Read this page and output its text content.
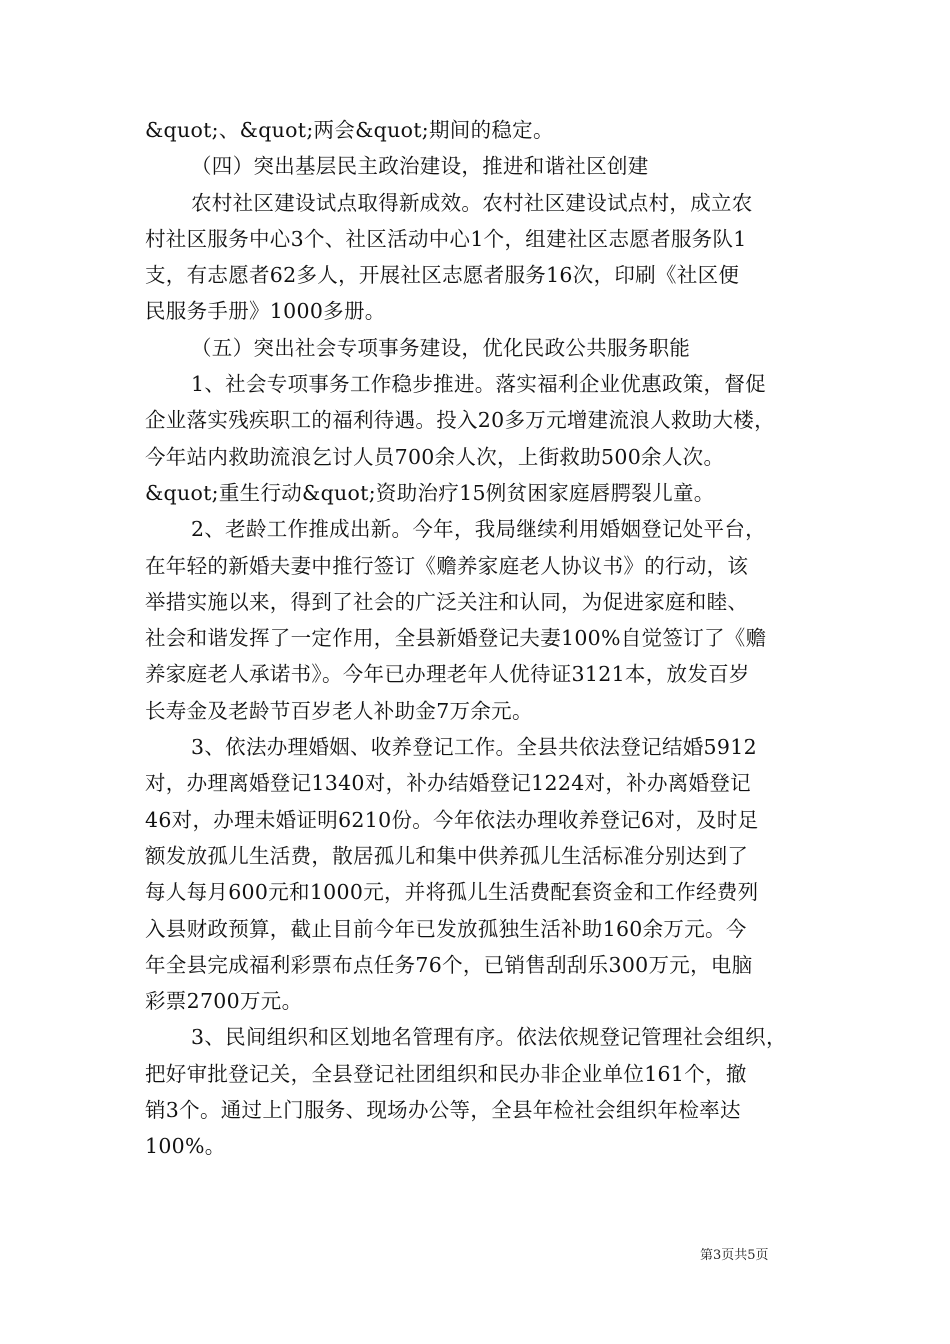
&quot;、&quot;两会&quot;期间的稳定。
（四）突出基层民主政治建设，推进和谐社区创建
农村社区建设试点取得新成效。农村社区建设试点村，成立农
村社区服务中心3个、社区活动中心1个，组建社区志愿者服务队1
支，有志愿者62多人，开展社区志愿者服务16次，印刷《社区便
民服务手册》1000多册。
（五）突出社会专项事务建设，优化民政公共服务职能
1、社会专项事务工作稳步推进。落实福利企业优惠政策，督促
企业落实残疾职工的福利待遇。投入20多万元增建流浪人救助大楼，
今年站内救助流浪乞讨人员700余人次，上街救助500余人次。
&quot;重生行动&quot;资助治疗15例贫困家庭唇腭裂儿童。
2、老龄工作推成出新。今年，我局继续利用婚姻登记处平台，
在年轻的新婚夫妻中推行签订《赡养家庭老人协议书》的行动，该
举措实施以来，得到了社会的广泛关注和认同，为促进家庭和睦、
社会和谐发挥了一定作用，全县新婚登记夫妻100%自觉签订了《赡
养家庭老人承诺书》。今年已办理老年人优待证3121本，放发百岁
长寿金及老龄节百岁老人补助金7万余元。
3、依法办理婚姻、收养登记工作。全县共依法登记结婚5912
对，办理离婚登记1340对，补办结婚登记1224对，补办离婚登记
46对，办理未婚证明6210份。今年依法办理收养登记6对，及时足
额发放孤儿生活费，散居孤儿和集中供养孤儿生活标准分别达到了
每人每月600元和1000元，并将孤儿生活费配套资金和工作经费列
入县财政预算，截止目前今年已发放孤独生活补助160余万元。今
年全县完成福利彩票布点任务76个，已销售刮刮乐300万元，电脑
彩票2700万元。
3、民间组织和区划地名管理有序。依法依规登记管理社会组织，
把好审批登记关，全县登记社团组织和民办非企业单位161个，撤
销3个。通过上门服务、现场办公等，全县年检社会组织年检率达
100%。
第3页共5页
